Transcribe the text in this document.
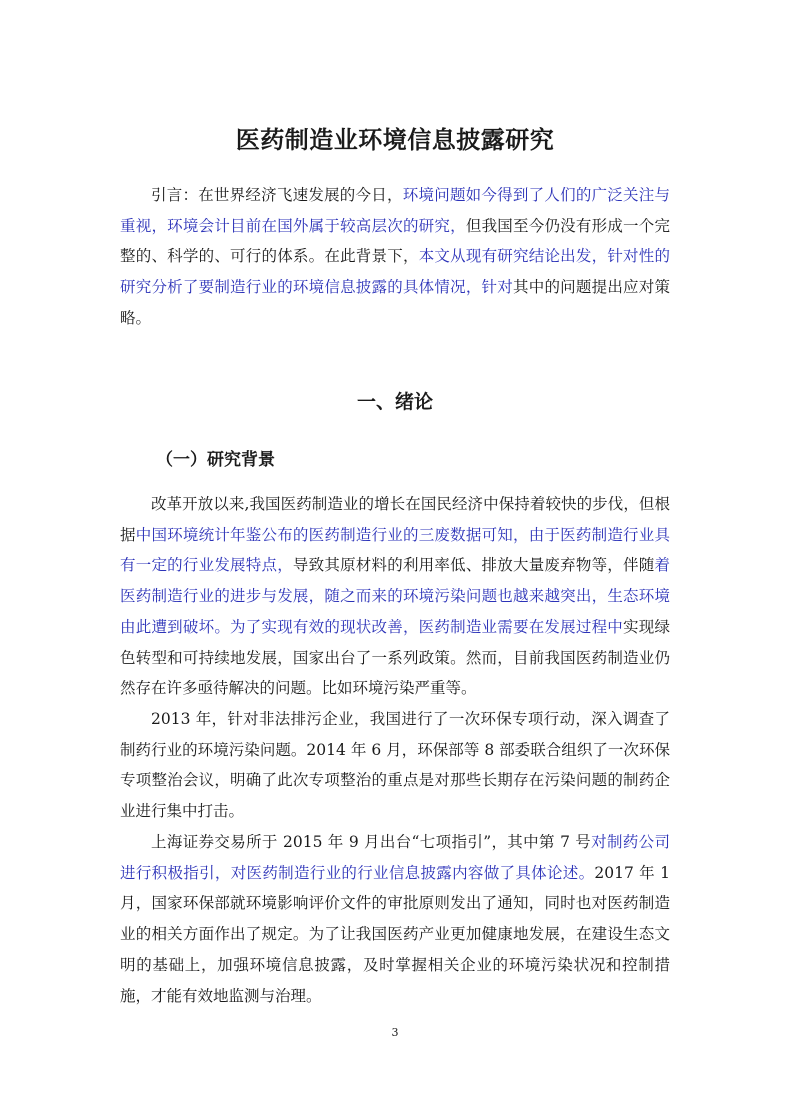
医药制造业环境信息披露研究

引言：在世界经济飞速发展的今日，环境问题如今得到了人们的广泛关注与重视，环境会计目前在国外属于较高层次的研究，但我国至今仍没有形成一个完整的、科学的、可行的体系。在此背景下，本文从现有研究结论出发，针对性的研究分析了要制造行业的环境信息披露的具体情况，针对其中的问题提出应对策略。

一、绪论
（一）研究背景

改革开放以来,我国医药制造业的增长在国民经济中保持着较快的步伐，但根据中国环境统计年鉴公布的医药制造行业的三废数据可知，由于医药制造行业具有一定的行业发展特点，导致其原材料的利用率低、排放大量废弃物等，伴随着医药制造行业的进步与发展，随之而来的环境污染问题也越来越突出，生态环境由此遭到破坏。为了实现有效的现状改善，医药制造业需要在发展过程中实现绿色转型和可持续地发展，国家出台了一系列政策。然而，目前我国医药制造业仍然存在许多亟待解决的问题。比如环境污染严重等。

2013 年，针对非法排污企业，我国进行了一次环保专项行动，深入调查了制药行业的环境污染问题。2014 年 6 月，环保部等 8 部委联合组织了一次环保专项整治会议，明确了此次专项整治的重点是对那些长期存在污染问题的制药企业进行集中打击。

上海证券交易所于 2015 年 9 月出台“七项指引”，其中第 7 号对制药公司进行积极指引，对医药制造行业的行业信息披露内容做了具体论述。2017 年 1 月，国家环保部就环境影响评价文件的审批原则发出了通知，同时也对医药制造业的相关方面作出了规定。为了让我国医药产业更加健康地发展，在建设生态文明的基础上，加强环境信息披露，及时掌握相关企业的环境污染状况和控制措施，才能有效地监测与治理。

3
